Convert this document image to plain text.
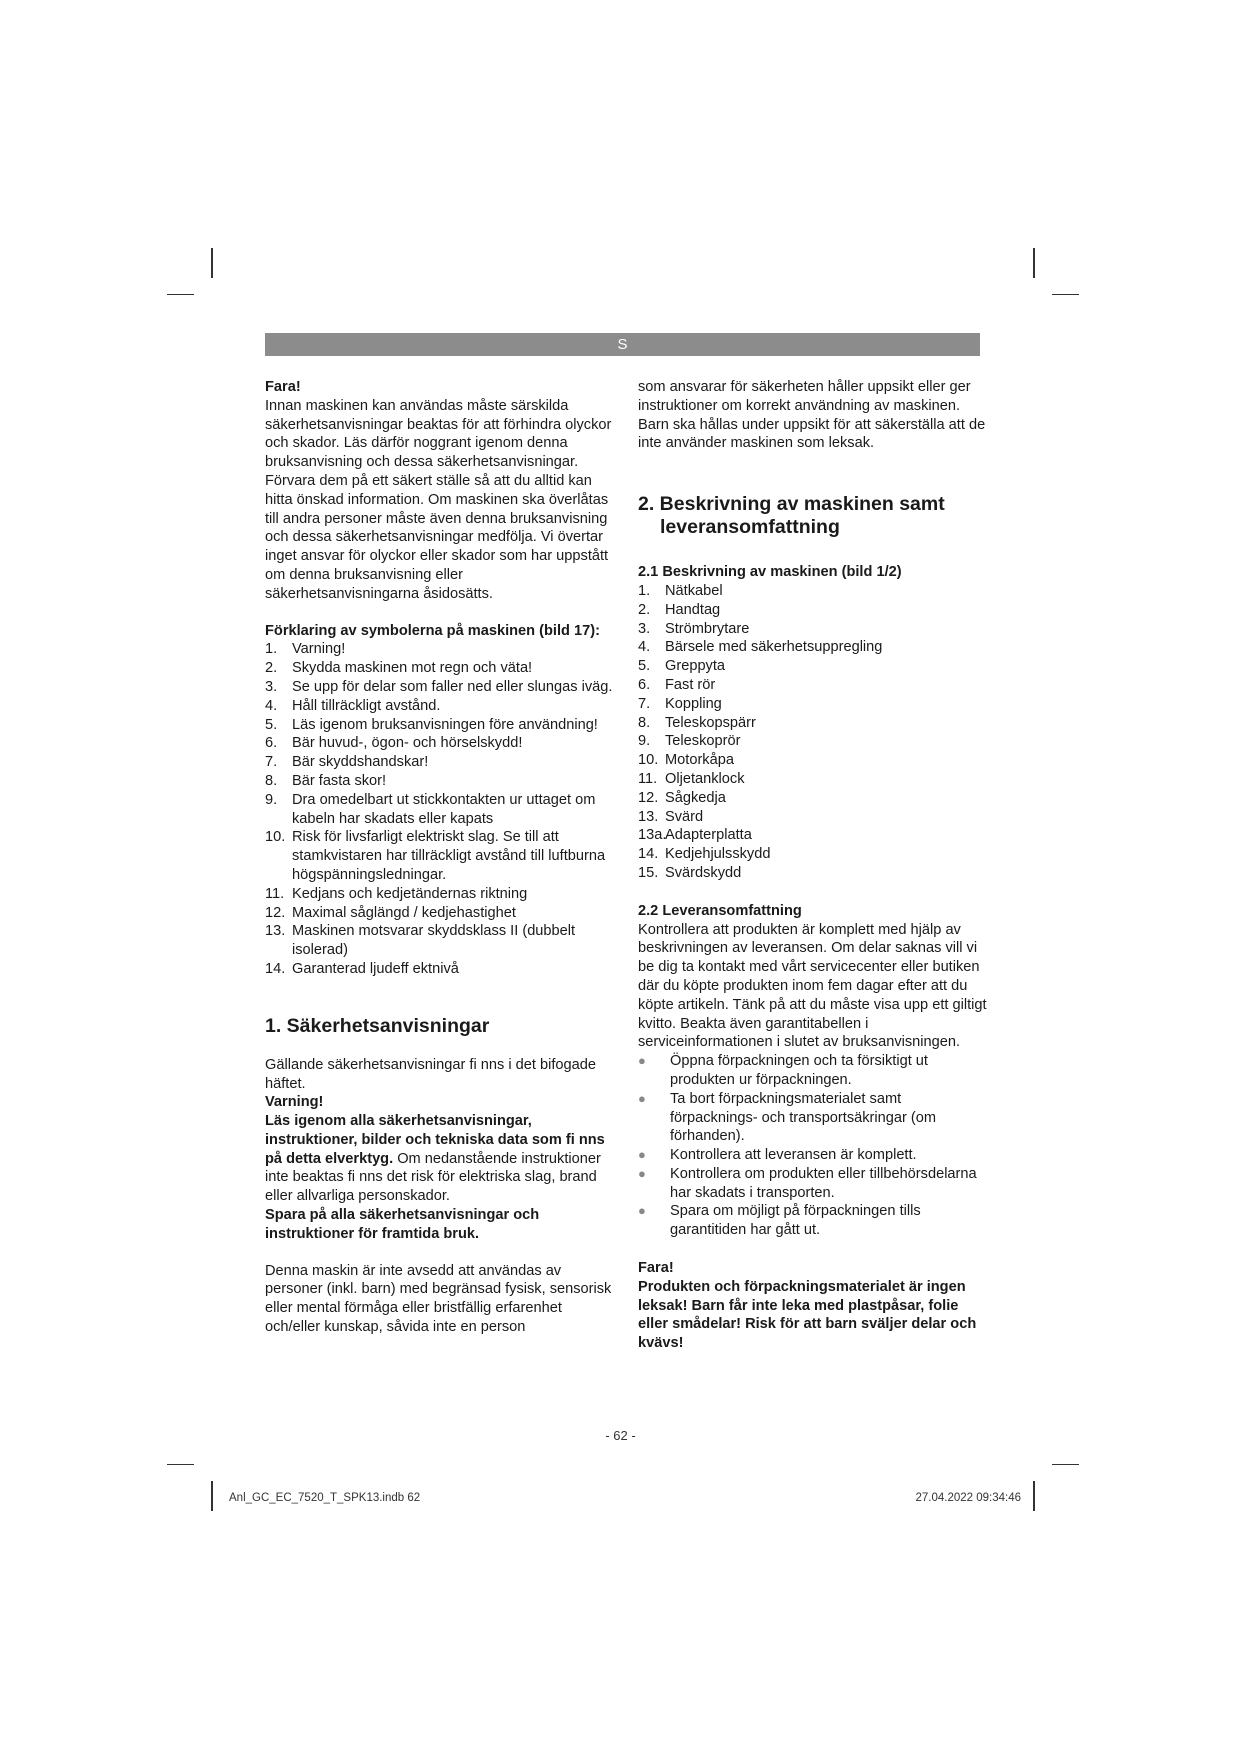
S

Fara!

Innan maskinen kan användas måste särskilda säkerhetsanvisningar beaktas för att förhindra olyckor och skador. Läs därför noggrant igenom denna bruksanvisning och dessa säkerhetsanvisningar. Förvara dem på ett säkert ställe så att du alltid kan hitta önskad information. Om maskinen ska överlåtas till andra personer måste även denna bruksanvisning och dessa säkerhetsanvisningar medfölja. Vi övertar inget ansvar för olyckor eller skador som har uppstått om denna bruksanvisning eller säkerhetsanvisningarna åsidosätts.

Förklaring av symbolerna på maskinen (bild 17):

1. Varning!
2. Skydda maskinen mot regn och väta!
3. Se upp för delar som faller ned eller slungas iväg.
4. Håll tillräckligt avstånd.
5. Läs igenom bruksanvisningen före användning!
6. Bär huvud-, ögon- och hörselskydd!
7. Bär skyddshandskar!
8. Bär fasta skor!
9. Dra omedelbart ut stickkontakten ur uttaget om kabeln har skadats eller kapats
10. Risk för livsfarligt elektriskt slag. Se till att stamkvistaren har tillräckligt avstånd till luftburna högspänningsledningar.
11. Kedjans och kedjetändernas riktning
12. Maximal såglängd / kedjehastighet
13. Maskinen motsvarar skyddsklass II (dubbelt isolerad)
14. Garanterad ljudeff ektnivå
1. Säkerhetsanvisningar

Gällande säkerhetsanvisningar fi nns i det bifogade häftet.

Varning!

Läs igenom alla säkerhetsanvisningar, instruktioner, bilder och tekniska data som fi nns på detta elverktyg. Om nedanstående instruktioner inte beaktas fi nns det risk för elektriska slag, brand eller allvarliga personskador.

Spara på alla säkerhetsanvisningar och instruktioner för framtida bruk.

Denna maskin är inte avsedd att användas av personer (inkl. barn) med begränsad fysisk, sensorisk eller mental förmåga eller bristfällig erfarenhet och/eller kunskap, såvida inte en person

som ansvarar för säkerheten håller uppsikt eller ger instruktioner om korrekt användning av maskinen. Barn ska hållas under uppsikt för att säkerställa att de inte använder maskinen som leksak.

2. Beskrivning av maskinen samt leveransomfattning

2.1 Beskrivning av maskinen (bild 1/2)

1. Nätkabel
2. Handtag
3. Strömbrytare
4. Bärsele med säkerhetsuppregling
5. Greppyta
6. Fast rör
7. Koppling
8. Teleskopspärr
9. Teleskoprör
10. Motorkåpa
11. Oljetanklock
12. Sågkedja
13. Svärd
13a.
Adapterplatta
14. Kedjehjulsskydd
15. Svärdskydd

2.2 Leveransomfattning

Kontrollera att produkten är komplett med hjälp av beskrivningen av leveransen. Om delar saknas vill vi be dig ta kontakt med vårt servicecenter eller butiken där du köpte produkten inom fem dagar efter att du köpte artikeln. Tänk på att du måste visa upp ett giltigt kvitto. Beakta även garantitabellen i serviceinformationen i slutet av bruksanvisningen.

● Öppna förpackningen och ta försiktigt ut produkten ur förpackningen.
● Ta bort förpackningsmaterialet samt förpacknings- och transportsäkringar (om förhanden).
● Kontrollera att leveransen är komplett.
● Kontrollera om produkten eller tillbehörsdelarna har skadats i transporten.
● Spara om möjligt på förpackningen tills garantitiden har gått ut.

Fara!

Produkten och förpackningsmaterialet är ingen leksak! Barn får inte leka med plastpåsar, folie eller smådelar! Risk för att barn sväljer delar och kvävs!

- 62 -
Anl_GC_EC_7520_T_SPK13.indb 62	27.04.2022 09:34:46
